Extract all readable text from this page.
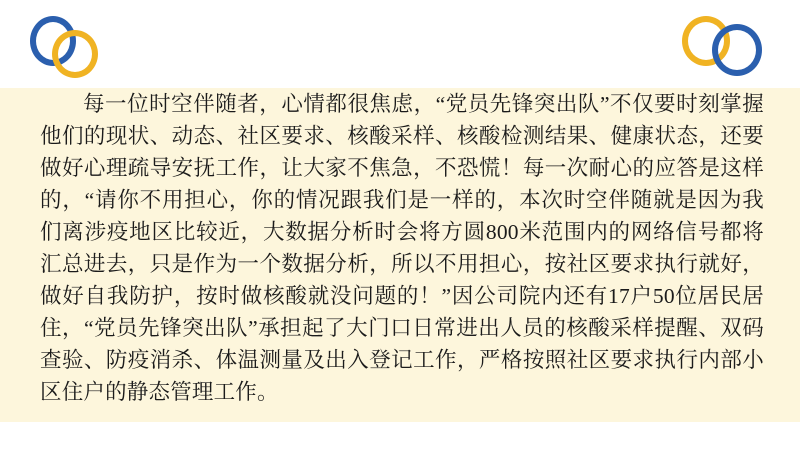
每一位时空伴随者，心情都很焦虑，“党员先锋突出队”不仅要时刻掌握他们的现状、动态、社区要求、核酸采样、核酸检测结果、健康状态，还要做好心理疏导安抚工作，让大家不焦急，不恐慌！每一次耐心的应答是这样的，“请你不用担心，你的情况跟我们是一样的，本次时空伴随就是因为我们离涉疫地区比较近，大数据分析时会将方圆800米范围内的网络信号都将汇总进去，只是作为一个数据分析，所以不用担心，按社区要求执行就好，做好自我防护，按时做核酸就没问题的！”因公司院内还有17户50位居民居住，“党员先锋突出队”承担起了大门口日常进出人员的核酸采样提醒、双码查验、防疫消杀、体温测量及出入登记工作，严格按照社区要求执行内部小区住户的静态管理工作。
